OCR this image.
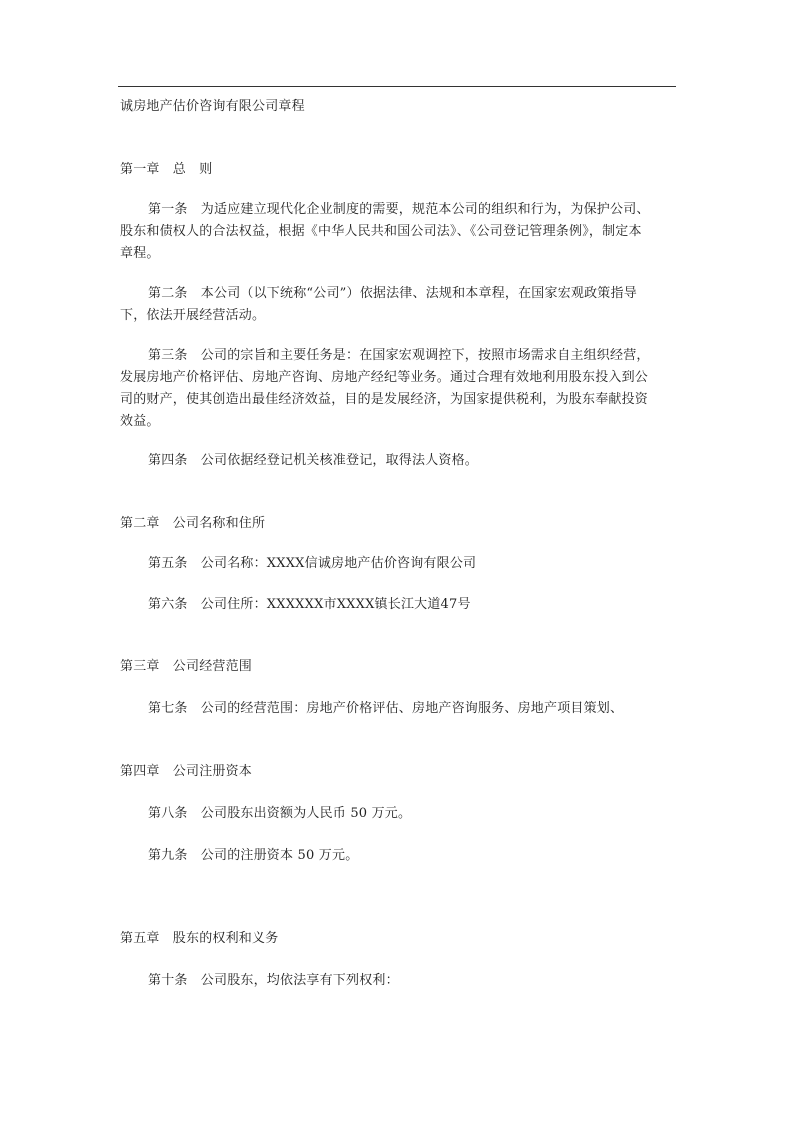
诚房地产估价咨询有限公司章程
第一章　总　则
第一条　为适应建立现代化企业制度的需要，规范本公司的组织和行为，为保护公司、
股东和债权人的合法权益，根据《中华人民共和国公司法》、《公司登记管理条例》，制定本
章程。
第二条　本公司（以下统称“公司”）依据法律、法规和本章程，在国家宏观政策指导
下，依法开展经营活动。
第三条　公司的宗旨和主要任务是：在国家宏观调控下，按照市场需求自主组织经营，
发展房地产价格评估、房地产咨询、房地产经纪等业务。通过合理有效地利用股东投入到公
司的财产，使其创造出最佳经济效益，目的是发展经济，为国家提供税利，为股东奉献投资
效益。
第四条　公司依据经登记机关核准登记，取得法人资格。
第二章　公司名称和住所
第五条　公司名称：XXXX信诚房地产估价咨询有限公司
第六条　公司住所：XXXXXX市XXXX镇长江大道47号
第三章　公司经营范围
第七条　公司的经营范围：房地产价格评估、房地产咨询服务、房地产项目策划、
第四章　公司注册资本
第八条　公司股东出资额为人民币 50 万元。
第九条　公司的注册资本 50 万元。
第五章　股东的权利和义务
第十条　公司股东，均依法享有下列权利：
